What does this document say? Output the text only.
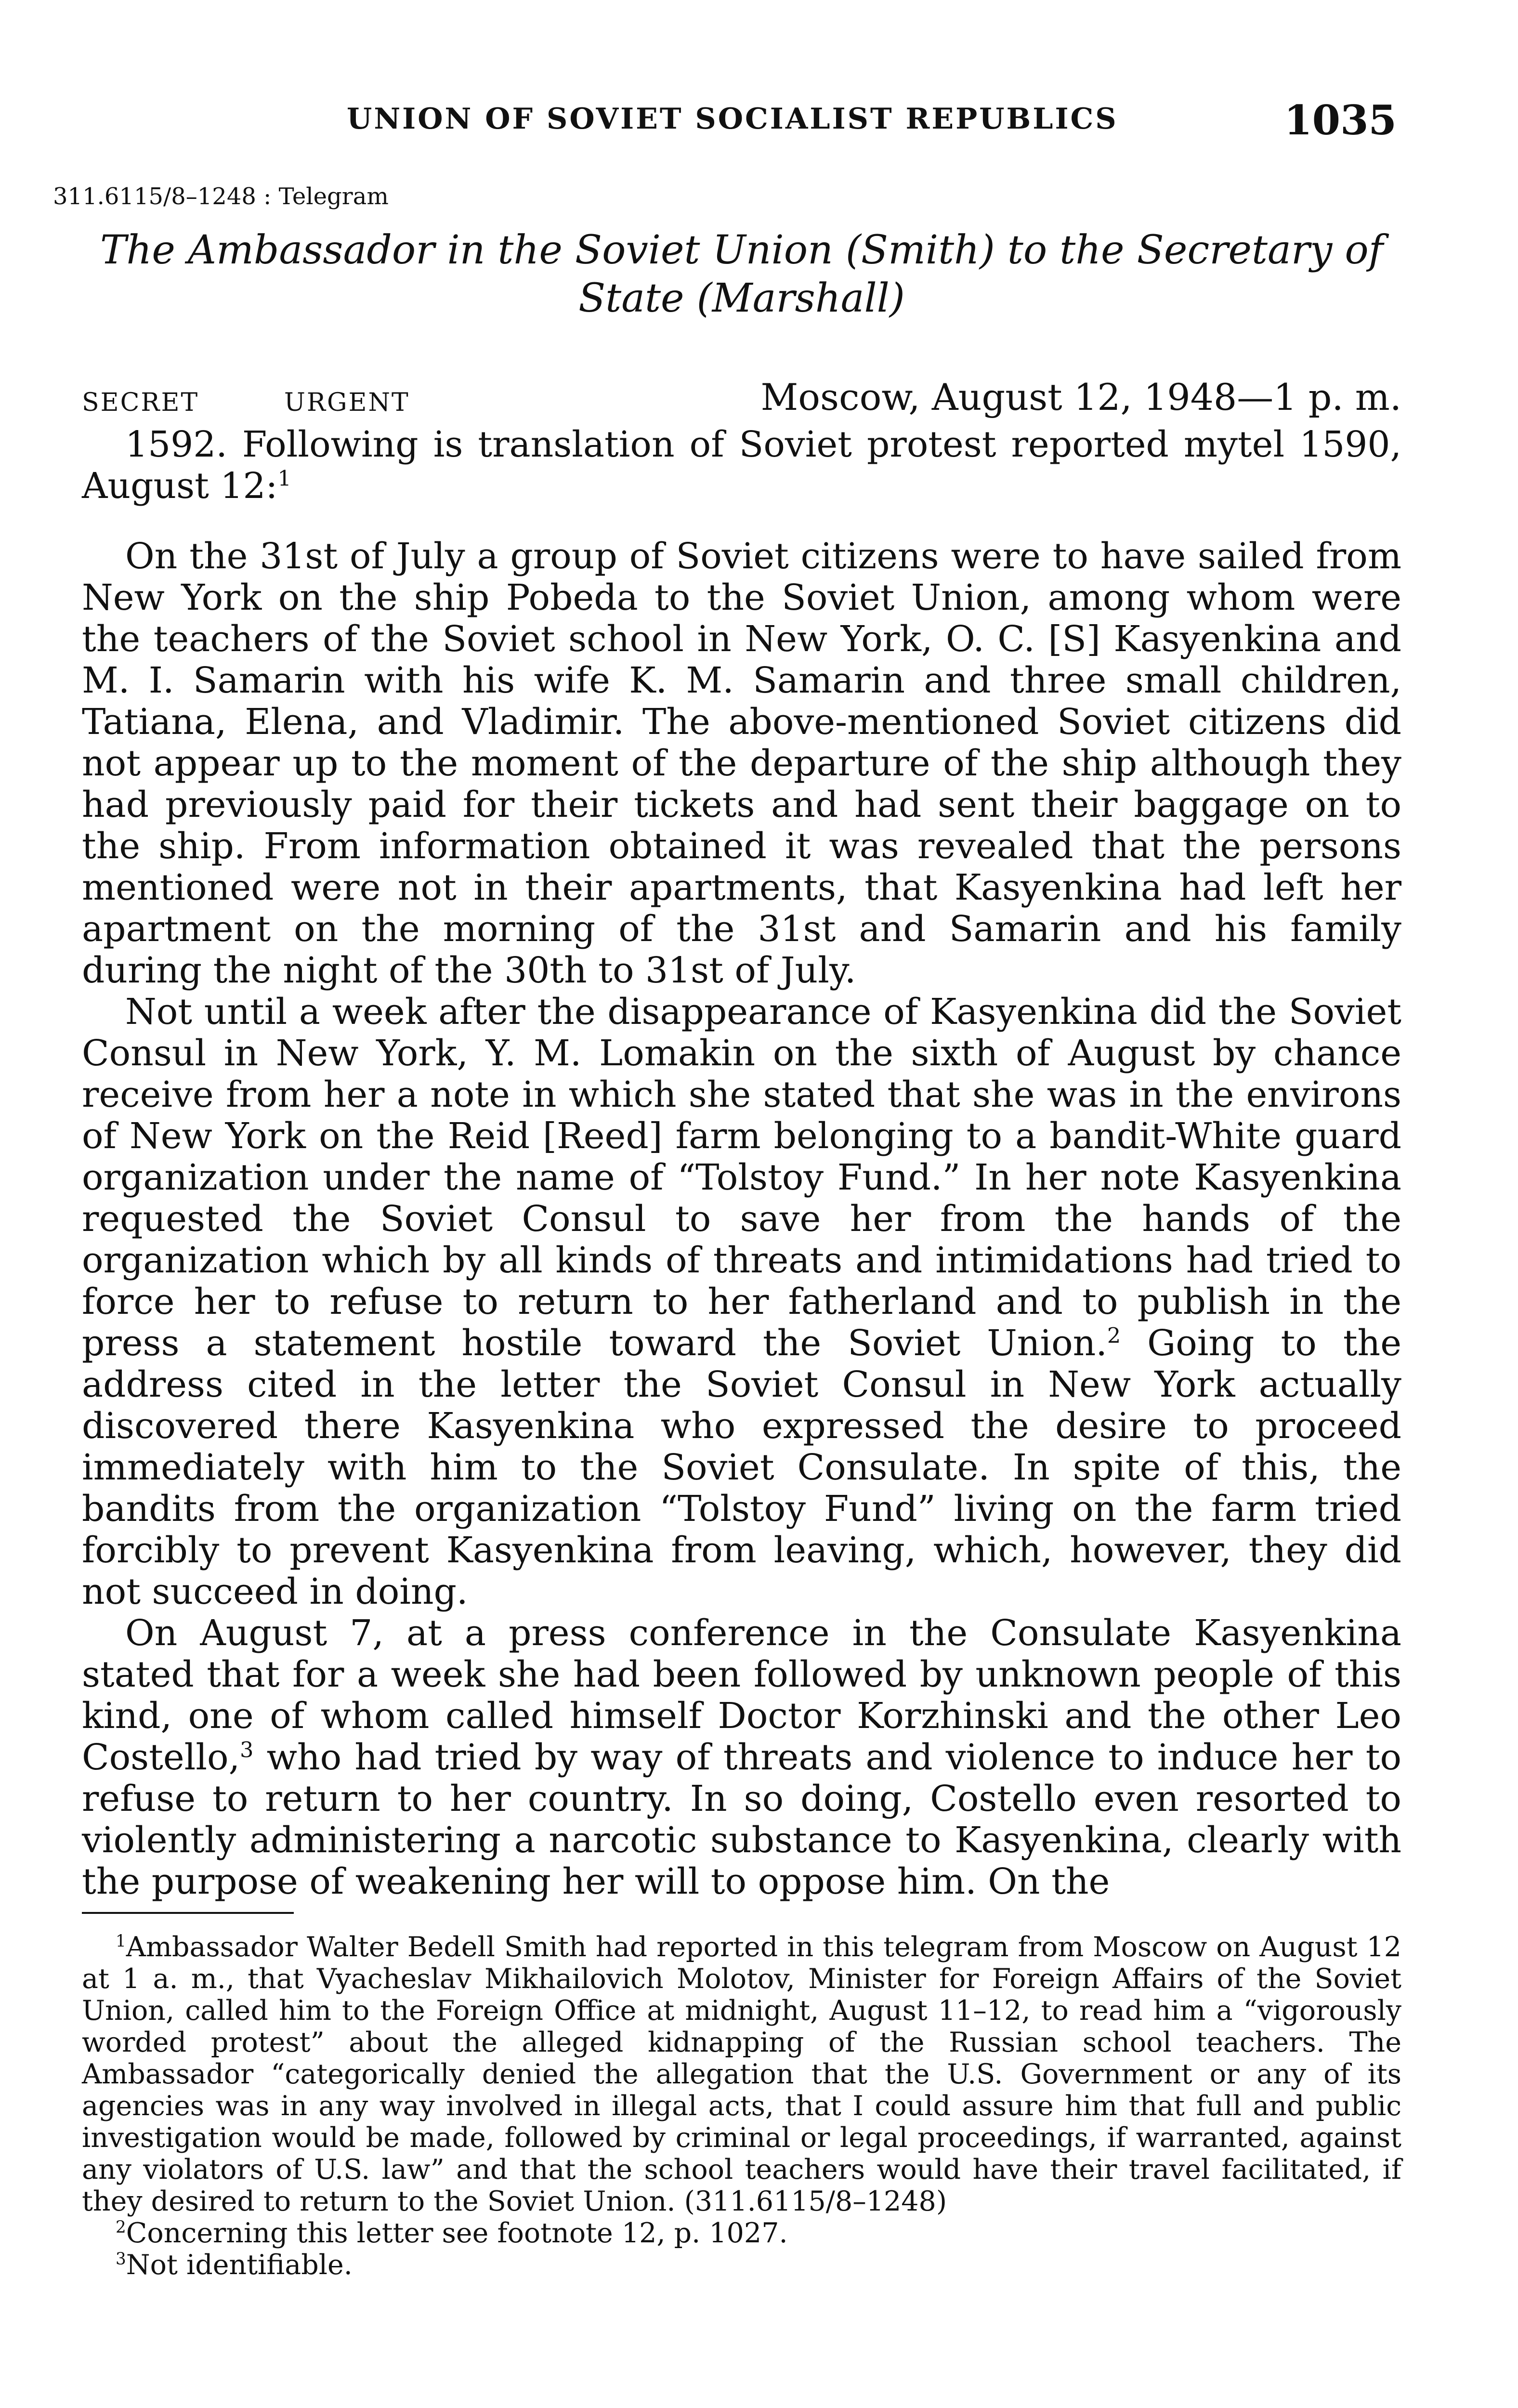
UNION OF SOVIET SOCIALIST REPUBLICS	1035
311.6115/8–1248 : Telegram
The Ambassador in the Soviet Union (Smith) to the Secretary of
State (Marshall)
SECRET	URGENT	Moscow, August 12, 1948—1 p. m.

1592. Following is translation of Soviet protest reported mytel 1590, August 12:$^1$

On the 31st of July a group of Soviet citizens were to have sailed from New York on the ship Pobeda to the Soviet Union, among whom were the teachers of the Soviet school in New York, O. C. [S] Kasyenkina and M. I. Samarin with his wife K. M. Samarin and three small children, Tatiana, Elena, and Vladimir. The above-mentioned Soviet citizens did not appear up to the moment of the departure of the ship although they had previously paid for their tickets and had sent their baggage on to the ship. From information obtained it was revealed that the persons mentioned were not in their apartments, that Kasyenkina had left her apartment on the morning of the 31st and Samarin and his family during the night of the 30th to 31st of July.

Not until a week after the disappearance of Kasyenkina did the Soviet Consul in New York, Y. M. Lomakin on the sixth of August by chance receive from her a note in which she stated that she was in the environs of New York on the Reid [Reed] farm belonging to a bandit-White guard organization under the name of “Tolstoy Fund.” In her note Kasyenkina requested the Soviet Consul to save her from the hands of the organization which by all kinds of threats and intimidations had tried to force her to refuse to return to her fatherland and to publish in the press a statement hostile toward the Soviet Union.$^2$ Going to the address cited in the letter the Soviet Consul in New York actually discovered there Kasyenkina who expressed the desire to proceed immediately with him to the Soviet Consulate. In spite of this, the bandits from the organization “Tolstoy Fund” living on the farm tried forcibly to prevent Kasyenkina from leaving, which, however, they did not succeed in doing.

On August 7, at a press conference in the Consulate Kasyenkina stated that for a week she had been followed by unknown people of this kind, one of whom called himself Doctor Korzhinski and the other Leo Costello,$^3$ who had tried by way of threats and violence to induce her to refuse to return to her country. In so doing, Costello even resorted to violently administering a narcotic substance to Kasyenkina, clearly with the purpose of weakening her will to oppose him. On the

$^1$Ambassador Walter Bedell Smith had reported in this telegram from Moscow on August 12 at 1 a. m., that Vyacheslav Mikhailovich Molotov, Minister for Foreign Affairs of the Soviet Union, called him to the Foreign Office at midnight, August 11–12, to read him a “vigorously worded protest” about the alleged kidnapping of the Russian school teachers. The Ambassador “categorically denied the allegation that the U.S. Government or any of its agencies was in any way involved in illegal acts, that I could assure him that full and public investigation would be made, followed by criminal or legal proceedings, if warranted, against any violators of U.S. law” and that the school teachers would have their travel facilitated, if they desired to return to the Soviet Union. (311.6115/8–1248)

$^2$Concerning this letter see footnote 12, p. 1027.

$^3$Not identifiable.
